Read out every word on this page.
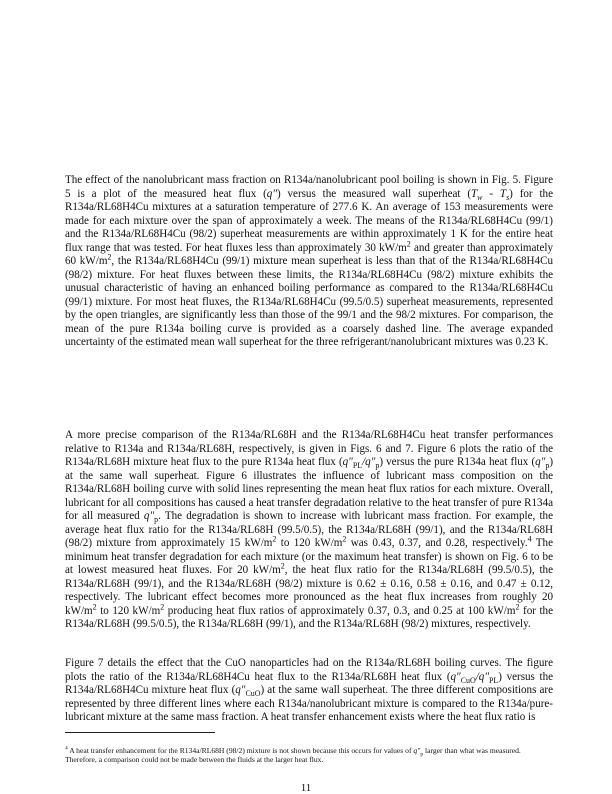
The effect of the nanolubricant mass fraction on R134a/nanolubricant pool boiling is shown in Fig. 5. Figure 5 is a plot of the measured heat flux (q") versus the measured wall superheat $(T_w - T_s)$ for the R134a/RL68H4Cu mixtures at a saturation temperature of 277.6 K. An average of 153 measurements were made for each mixture over the span of approximately a week. The means of the R134a/RL68H4Cu (99/1) and the R134a/RL68H4Cu (98/2) superheat measurements are within approximately 1 K for the entire heat flux range that was tested. For heat fluxes less than approximately 30 $kW/m^2$ and greater than approximately 60 $kW/m^2$, the R134a/RL68H4Cu (99/1) mixture mean superheat is less than that of the R134a/RL68H4Cu (98/2) mixture. For heat fluxes between these limits, the R134a/RL68H4Cu (98/2) mixture exhibits the unusual characteristic of having an enhanced boiling performance as compared to the R134a/RL68H4Cu (99/1) mixture. For most heat fluxes, the R134a/RL68H4Cu (99.5/0.5) superheat measurements, represented by the open triangles, are significantly less than those of the 99/1 and the 98/2 mixtures. For comparison, the mean of the pure R134a boiling curve is provided as a coarsely dashed line. The average expanded uncertainty of the estimated mean wall superheat for the three refrigerant/nanolubricant mixtures was 0.23 K.

A more precise comparison of the R134a/RL68H and the R134a/RL68H4Cu heat transfer performances relative to R134a and R134a/RL68H, respectively, is given in Figs. 6 and 7. Figure 6 plots the ratio of the R134a/RL68H mixture heat flux to the pure R134a heat flux $(q"_{PL}/q"_p)$ versus the pure R134a heat flux $(q"_p)$ at the same wall superheat. Figure 6 illustrates the influence of lubricant mass composition on the R134a/RL68H boiling curve with solid lines representing the mean heat flux ratios for each mixture. Overall, lubricant for all compositions has caused a heat transfer degradation relative to the heat transfer of pure R134a for all measured $q"_p$. The degradation is shown to increase with lubricant mass fraction. For example, the average heat flux ratio for the R134a/RL68H (99.5/0.5), the R134a/RL68H (99/1), and the R134a/RL68H (98/2) mixture from approximately 15 $kW/m^2$ to 120 $kW/m^2$ was 0.43, 0.37, and 0.28, respectively.$^4$ The minimum heat transfer degradation for each mixture (or the maximum heat transfer) is shown on Fig. 6 to be at lowest measured heat fluxes. For 20 $kW/m^2$, the heat flux ratio for the R134a/RL68H (99.5/0.5), the R134a/RL68H (99/1), and the R134a/RL68H (98/2) mixture is 0.62 ± 0.16, 0.58 ± 0.16, and 0.47 ± 0.12, respectively. The lubricant effect becomes more pronounced as the heat flux increases from roughly 20 $kW/m^2$ to 120 $kW/m^2$ producing heat flux ratios of approximately 0.37, 0.3, and 0.25 at 100 $kW/m^2$ for the R134a/RL68H (99.5/0.5), the R134a/RL68H (99/1), and the R134a/RL68H (98/2) mixtures, respectively.

Figure 7 details the effect that the CuO nanoparticles had on the R134a/RL68H boiling curves. The figure plots the ratio of the R134a/RL68H4Cu heat flux to the R134a/RL68H heat flux $(q"_{CuO}/q"_{PL})$ versus the R134a/RL68H4Cu mixture heat flux $(q"_{CuO})$ at the same wall superheat. The three different compositions are represented by three different lines where each R134a/nanolubricant mixture is compared to the R134a/pure-lubricant mixture at the same mass fraction. A heat transfer enhancement exists where the heat flux ratio is

$^4$ A heat transfer enhancement for the R134a/RL68H (98/2) mixture is not shown because this occurs for values of $q"_p$ larger than what was measured. Therefore, a comparison could not be made between the fluids at the larger heat flux.

11
